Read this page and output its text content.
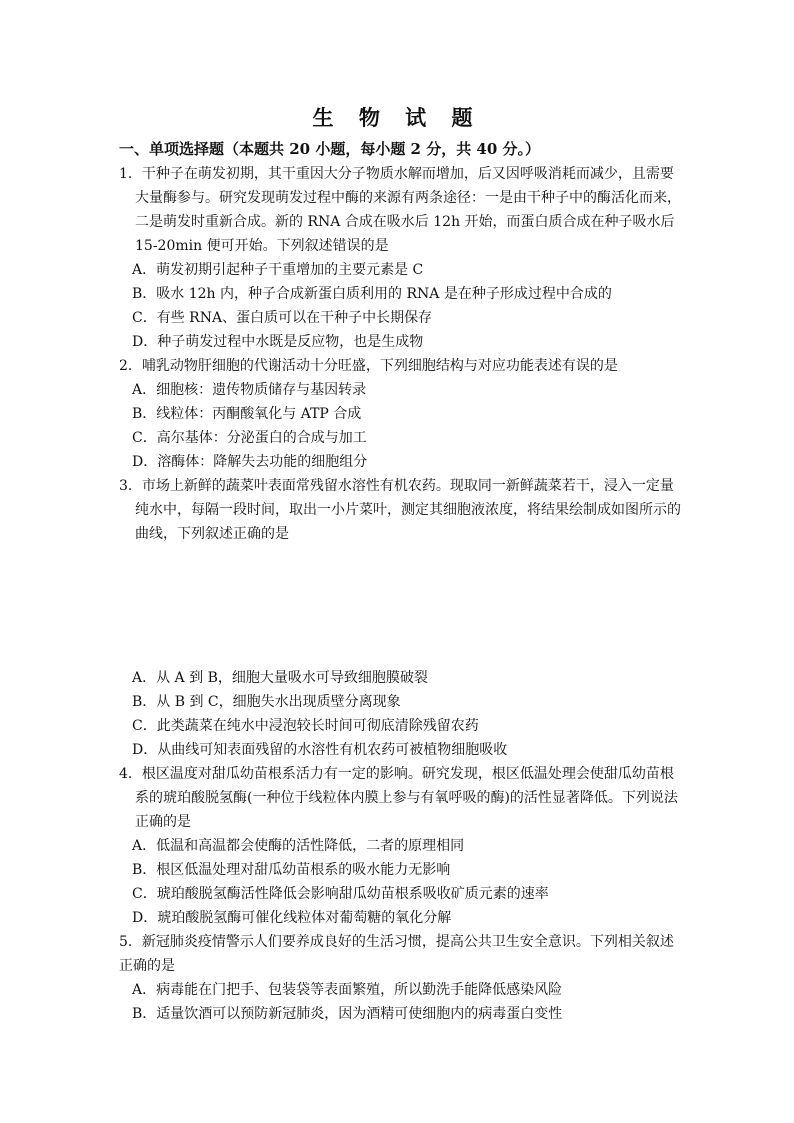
生 物 试 题
一、单项选择题（本题共 20 小题，每小题 2 分，共 40 分。）
1．干种子在萌发初期，其干重因大分子物质水解而增加，后又因呼吸消耗而减少，且需要
大量酶参与。研究发现萌发过程中酶的来源有两条途径：一是由干种子中的酶活化而来，
二是萌发时重新合成。新的 RNA 合成在吸水后 12h 开始，而蛋白质合成在种子吸水后
15-20min 便可开始。下列叙述错误的是
A．萌发初期引起种子干重增加的主要元素是 C
B．吸水 12h 内，种子合成新蛋白质利用的 RNA 是在种子形成过程中合成的
C．有些 RNA、蛋白质可以在干种子中长期保存
D．种子萌发过程中水既是反应物，也是生成物
2．哺乳动物肝细胞的代谢活动十分旺盛，下列细胞结构与对应功能表述有误的是
A．细胞核：遗传物质储存与基因转录
B．线粒体：丙酮酸氧化与 ATP 合成
C．高尔基体：分泌蛋白的合成与加工
D．溶酶体：降解失去功能的细胞组分
3．市场上新鲜的蔬菜叶表面常残留水溶性有机农药。现取同一新鲜蔬菜若干，浸入一定量
纯水中，每隔一段时间，取出一小片菜叶，测定其细胞液浓度，将结果绘制成如图所示的
曲线，下列叙述正确的是
A．从 A 到 B，细胞大量吸水可导致细胞膜破裂
B．从 B 到 C，细胞失水出现质壁分离现象
C．此类蔬菜在纯水中浸泡较长时间可彻底清除残留农药
D．从曲线可知表面残留的水溶性有机农药可被植物细胞吸收
4．根区温度对甜瓜幼苗根系活力有一定的影响。研究发现，根区低温处理会使甜瓜幼苗根
系的琥珀酸脱氢酶(一种位于线粒体内膜上参与有氧呼吸的酶)的活性显著降低。下列说法
正确的是
A．低温和高温都会使酶的活性降低，二者的原理相同
B．根区低温处理对甜瓜幼苗根系的吸水能力无影响
C．琥珀酸脱氢酶活性降低会影响甜瓜幼苗根系吸收矿质元素的速率
D．琥珀酸脱氢酶可催化线粒体对葡萄糖的氧化分解
5．新冠肺炎疫情警示人们要养成良好的生活习惯，提高公共卫生安全意识。下列相关叙述
正确的是
A．病毒能在门把手、包装袋等表面繁殖，所以勤洗手能降低感染风险
B．适量饮酒可以预防新冠肺炎，因为酒精可使细胞内的病毒蛋白变性
